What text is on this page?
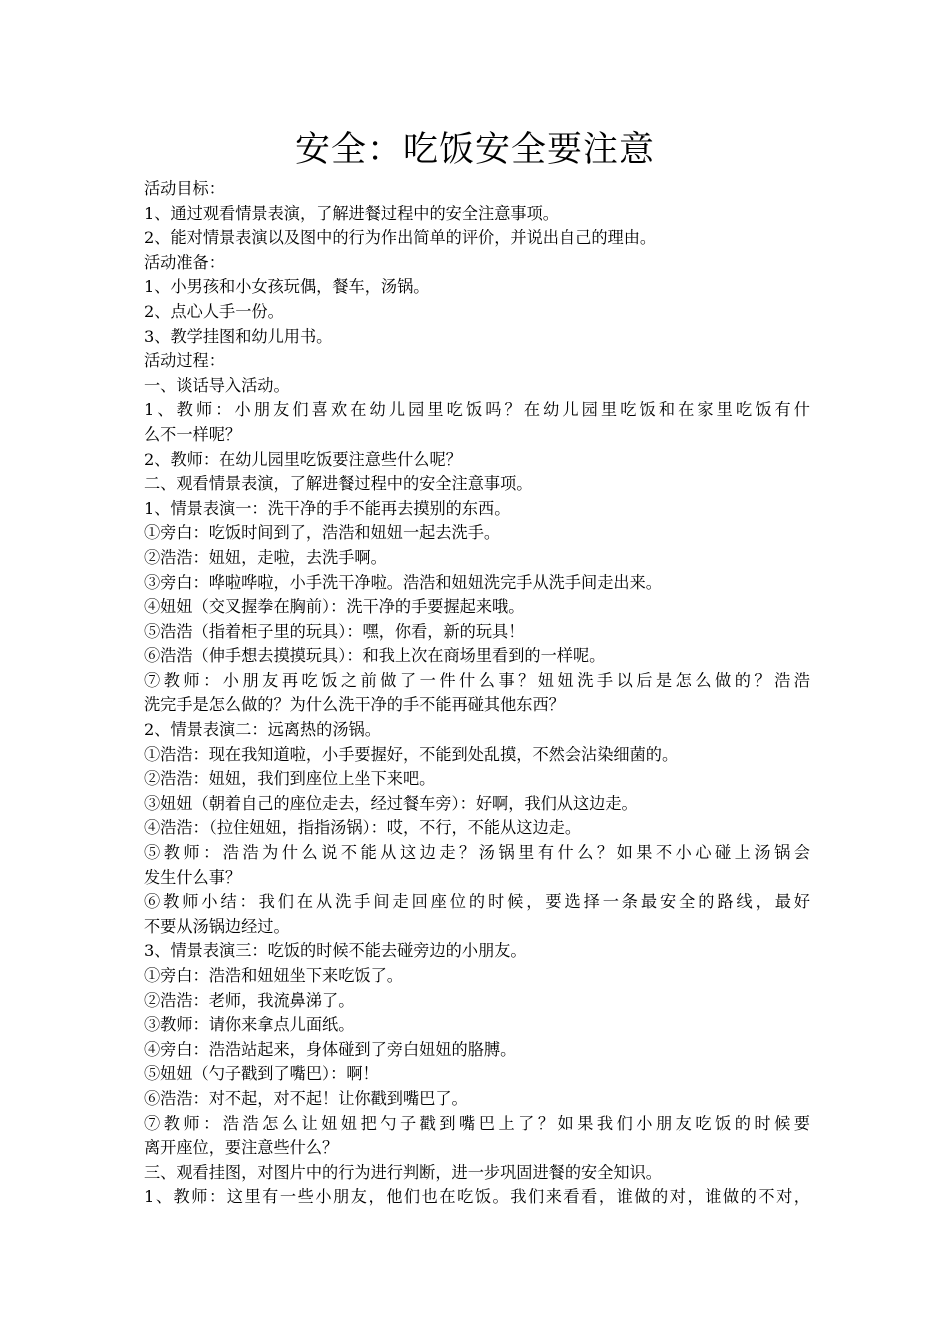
安全：吃饭安全要注意

活动目标：

1、通过观看情景表演，了解进餐过程中的安全注意事项。

2、能对情景表演以及图中的行为作出简单的评价，并说出自己的理由。

活动准备：

1、小男孩和小女孩玩偶，餐车，汤锅。

2、点心人手一份。

3、教学挂图和幼儿用书。

活动过程：

一、谈话导入活动。

1、教师：小朋友们喜欢在幼儿园里吃饭吗？在幼儿园里吃饭和在家里吃饭有什

么不一样呢？

2、教师：在幼儿园里吃饭要注意些什么呢？

二、观看情景表演，了解进餐过程中的安全注意事项。

1、情景表演一：洗干净的手不能再去摸别的东西。

①旁白：吃饭时间到了，浩浩和妞妞一起去洗手。

②浩浩：妞妞，走啦，去洗手啊。

③旁白：哗啦哗啦，小手洗干净啦。浩浩和妞妞洗完手从洗手间走出来。

④妞妞（交叉握拳在胸前）：洗干净的手要握起来哦。

⑤浩浩（指着柜子里的玩具）：嘿，你看，新的玩具！

⑥浩浩（伸手想去摸摸玩具）：和我上次在商场里看到的一样呢。

⑦教师：小朋友再吃饭之前做了一件什么事？妞妞洗手以后是怎么做的？浩浩

洗完手是怎么做的？为什么洗干净的手不能再碰其他东西？

2、情景表演二：远离热的汤锅。

①浩浩：现在我知道啦，小手要握好，不能到处乱摸，不然会沾染细菌的。

②浩浩：妞妞，我们到座位上坐下来吧。

③妞妞（朝着自己的座位走去，经过餐车旁）：好啊，我们从这边走。

④浩浩：（拉住妞妞，指指汤锅）：哎，不行，不能从这边走。

⑤教师：浩浩为什么说不能从这边走？汤锅里有什么？如果不小心碰上汤锅会

发生什么事？

⑥教师小结：我们在从洗手间走回座位的时候，要选择一条最安全的路线，最好

不要从汤锅边经过。

3、情景表演三：吃饭的时候不能去碰旁边的小朋友。

①旁白：浩浩和妞妞坐下来吃饭了。

②浩浩：老师，我流鼻涕了。

③教师：请你来拿点儿面纸。

④旁白：浩浩站起来，身体碰到了旁白妞妞的胳膊。

⑤妞妞（勺子戳到了嘴巴）：啊！

⑥浩浩：对不起，对不起！让你戳到嘴巴了。

⑦教师：浩浩怎么让妞妞把勺子戳到嘴巴上了？如果我们小朋友吃饭的时候要

离开座位，要注意些什么？

三、观看挂图，对图片中的行为进行判断，进一步巩固进餐的安全知识。

1、教师：这里有一些小朋友，他们也在吃饭。我们来看看，谁做的对，谁做的不对，
